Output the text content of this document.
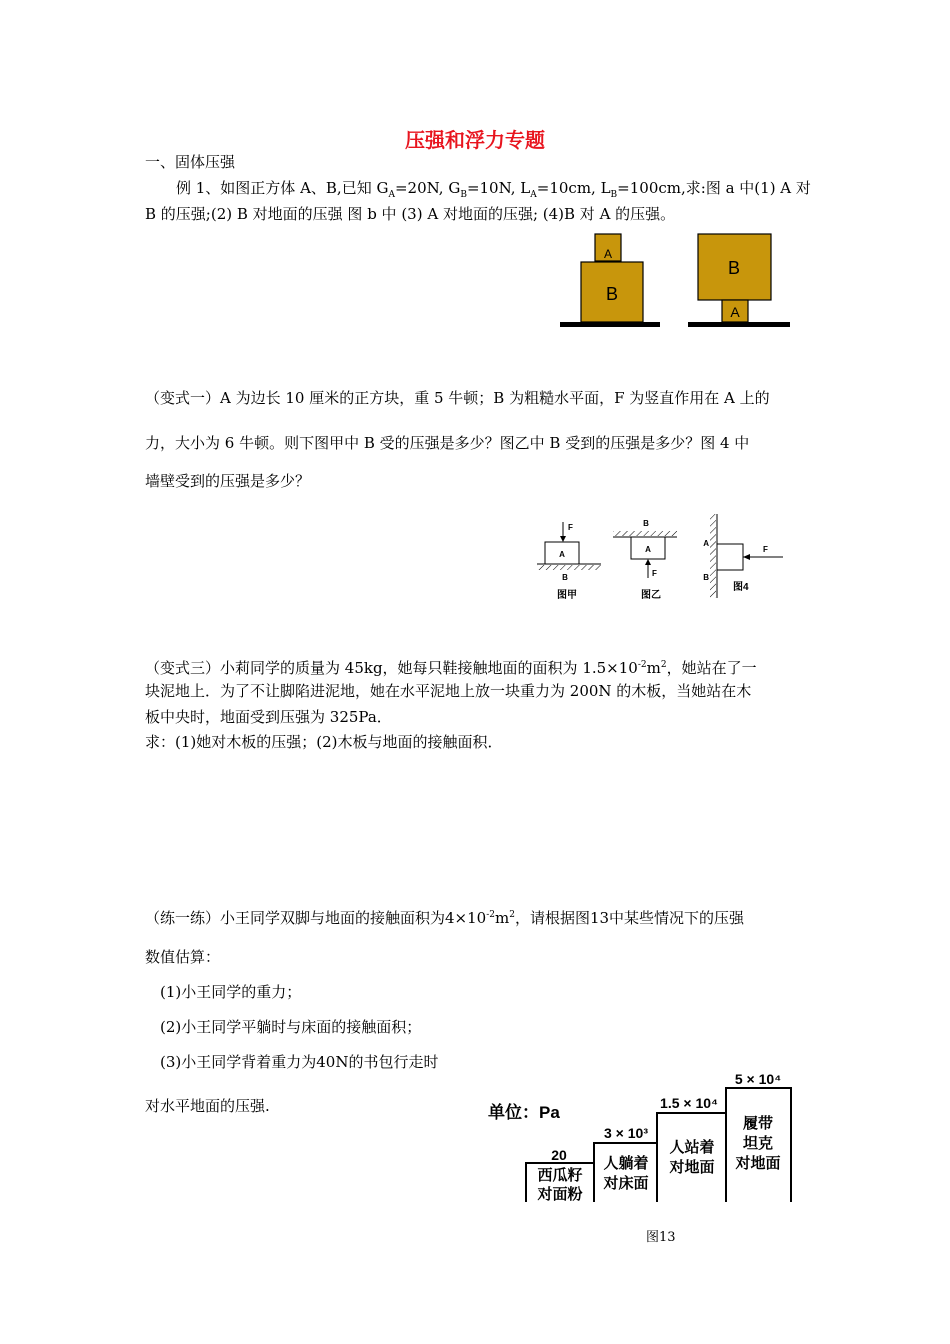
压强和浮力专题
一、固体压强
例 1、如图正方体 A、B,已知 $G_A=20N$, $G_B=10N$, $L_A=10cm$, $L_B=100cm$,求:图 a 中(1) A 对
B 的压强;(2) B 对地面的压强 图 b 中 (3) A 对地面的压强; (4)B 对 A 的压强。
A
B
B
A
（变式一）A 为边长 10 厘米的正方块，重 5 牛顿；B 为粗糙水平面，F 为竖直作用在 A 上的
力，大小为 6 牛顿。则下图甲中 B 受的压强是多少？图乙中 B 受到的压强是多少？图 4 中
墙壁受到的压强是多少？
F
A
B
图甲
B
A
F
图乙
A
B
F
图4
（变式三）小莉同学的质量为 45kg，她每只鞋接触地面的面积为 $1.5\times 10^{-2}m^2$，她站在了一
块泥地上．为了不让脚陷进泥地，她在水平泥地上放一块重力为 200N 的木板，当她站在木
板中央时，地面受到压强为 325Pa．
求：(1)她对木板的压强；(2)木板与地面的接触面积．
（练一练）小王同学双脚与地面的接触面积为$4\times 10^{-2}m^2$，请根据图13中某些情况下的压强
数值估算：
(1)小王同学的重力；
(2)小王同学平躺时与床面的接触面积；
(3)小王同学背着重力为40N的书包行走时
对水平地面的压强.	单位：Pa
20
3 × 10³
1.5 × 10⁴
5 × 10⁴
西瓜籽
对面粉
人躺着
对床面
人站着
对地面
履带
坦克
对地面
图13
